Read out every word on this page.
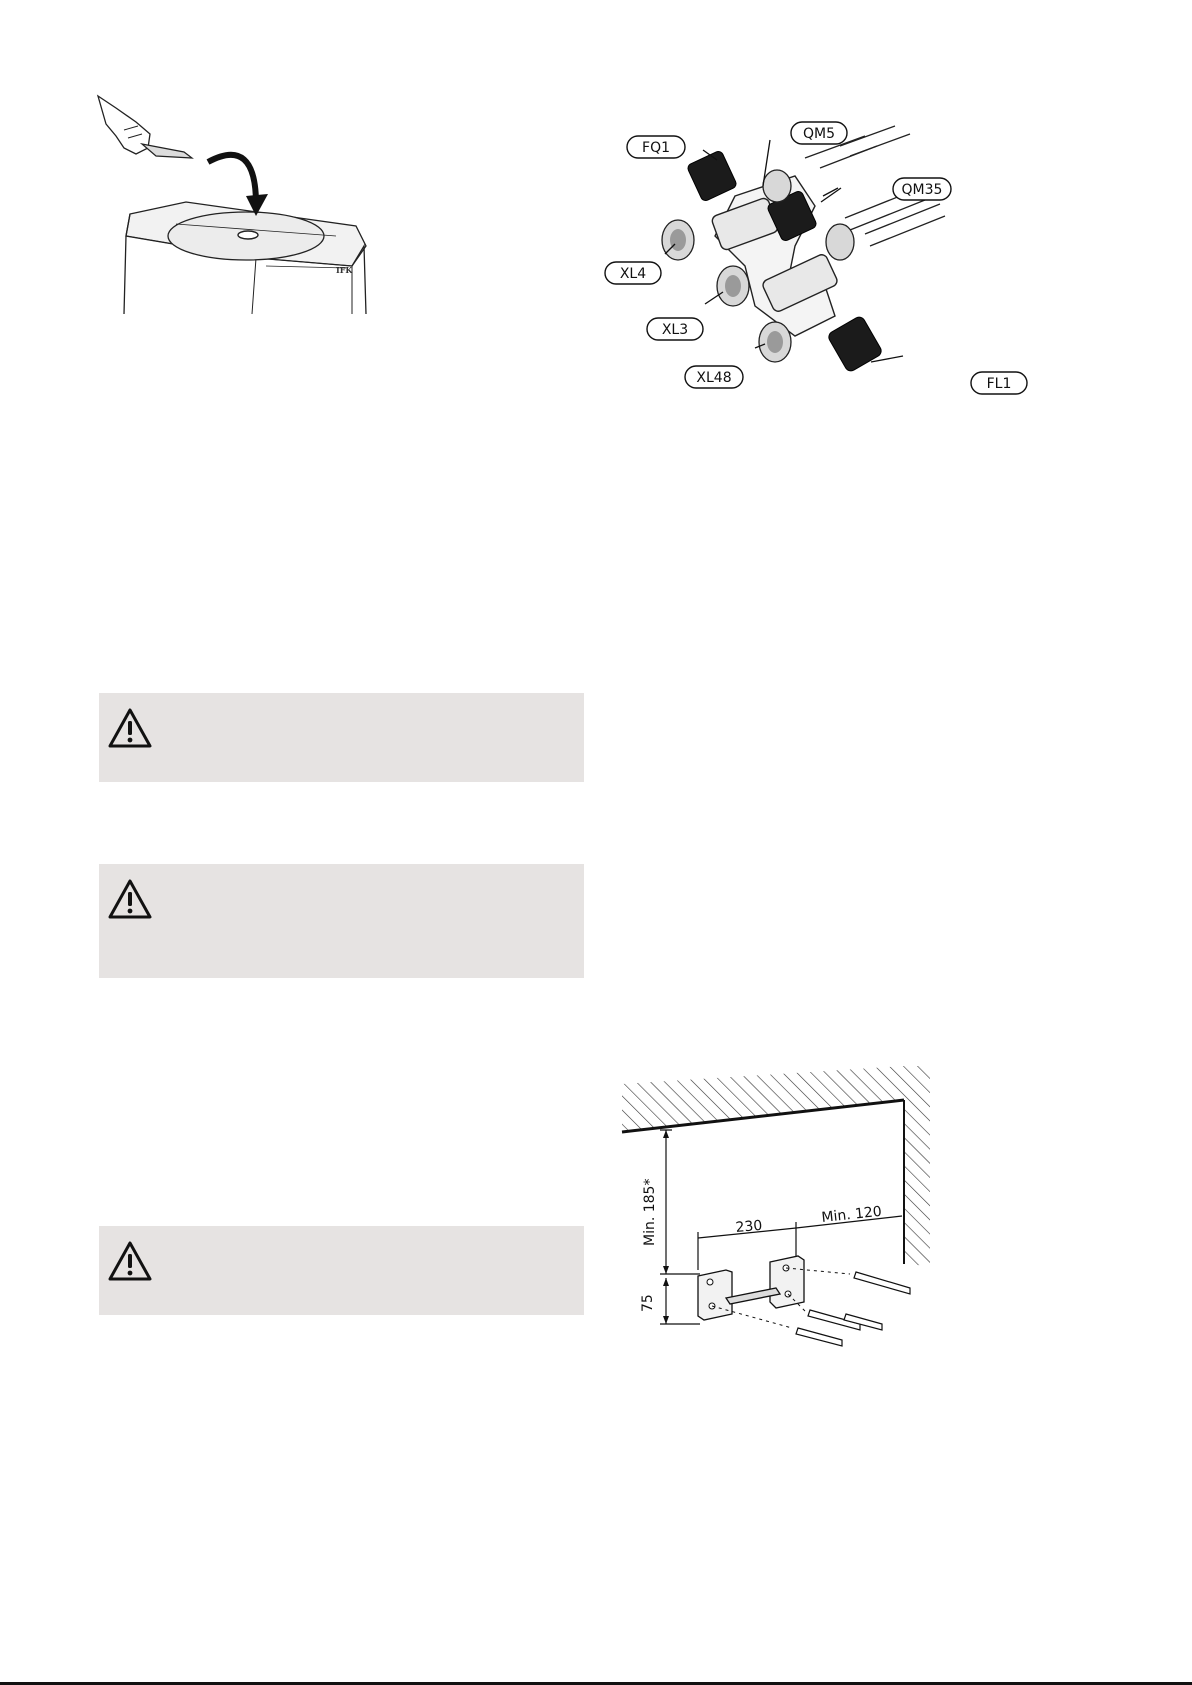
IFK
FQ1
QM5
QM35
XL4
XL3
XL48	FL1
Min. 185*	230
Min. 120
75
